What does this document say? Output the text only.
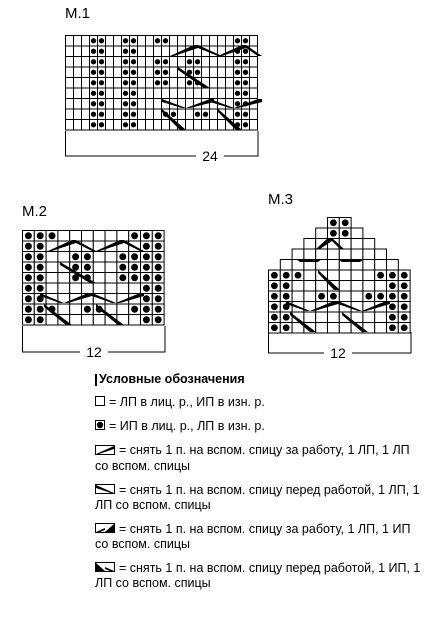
M.1
M.2
M.3
24
12	12
Условные обозначения
= ЛП в лиц. р., ИП в изн. р.
= ИП в лиц. р., ЛП в изн. р.
= снять 1 п. на вспом. спицу за работу, 1 ЛП, 1 ЛП со вспом. спицы
= снять 1 п. на вспом. спицу перед работой, 1 ЛП, 1 ЛП со вспом. спицы
= снять 1 п. на вспом. спицу за работу, 1 ЛП, 1 ИП со вспом. спицы
= снять 1 п. на вспом. спицу перед работой, 1 ИП, 1 ЛП со вспом. спицы
